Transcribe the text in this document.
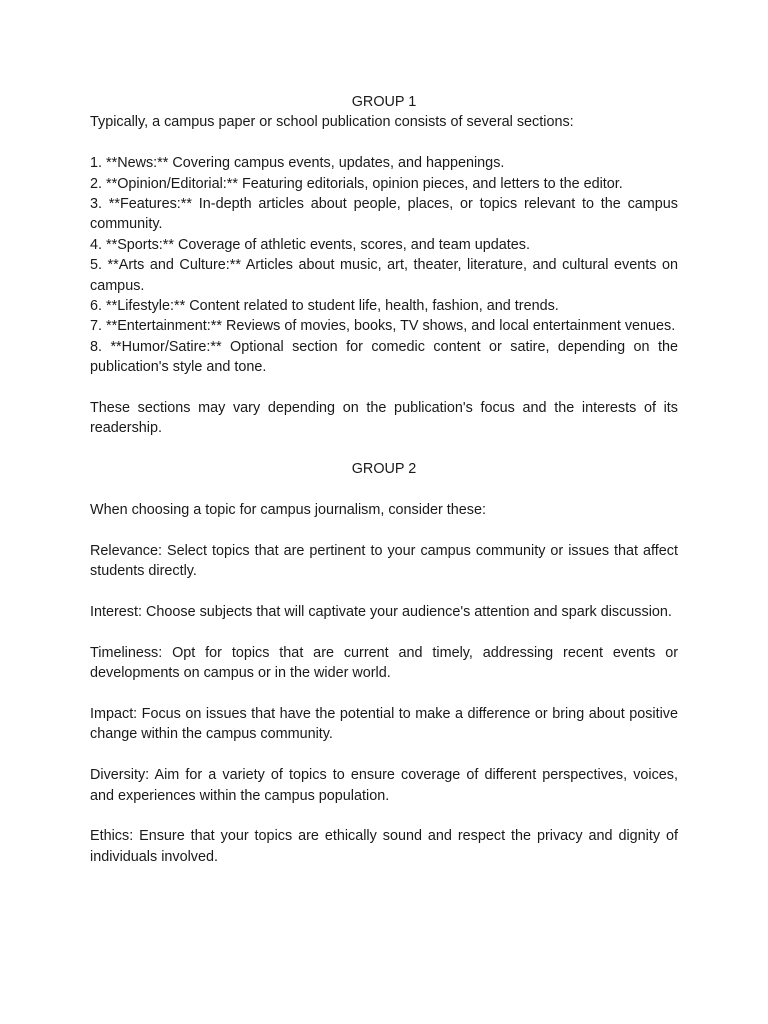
GROUP 1

Typically, a campus paper or school publication consists of several sections:

1. **News:** Covering campus events, updates, and happenings.
2. **Opinion/Editorial:** Featuring editorials, opinion pieces, and letters to the editor.
3. **Features:** In-depth articles about people, places, or topics relevant to the campus community.
4. **Sports:** Coverage of athletic events, scores, and team updates.
5. **Arts and Culture:** Articles about music, art, theater, literature, and cultural events on campus.
6. **Lifestyle:** Content related to student life, health, fashion, and trends.
7. **Entertainment:** Reviews of movies, books, TV shows, and local entertainment venues.
8. **Humor/Satire:** Optional section for comedic content or satire, depending on the publication's style and tone.

These sections may vary depending on the publication's focus and the interests of its readership.

GROUP 2

When choosing a topic for campus journalism, consider these:

Relevance: Select topics that are pertinent to your campus community or issues that affect students directly.

Interest: Choose subjects that will captivate your audience's attention and spark discussion.

Timeliness: Opt for topics that are current and timely, addressing recent events or developments on campus or in the wider world.

Impact: Focus on issues that have the potential to make a difference or bring about positive change within the campus community.

Diversity: Aim for a variety of topics to ensure coverage of different perspectives, voices, and experiences within the campus population.

Ethics: Ensure that your topics are ethically sound and respect the privacy and dignity of individuals involved.
